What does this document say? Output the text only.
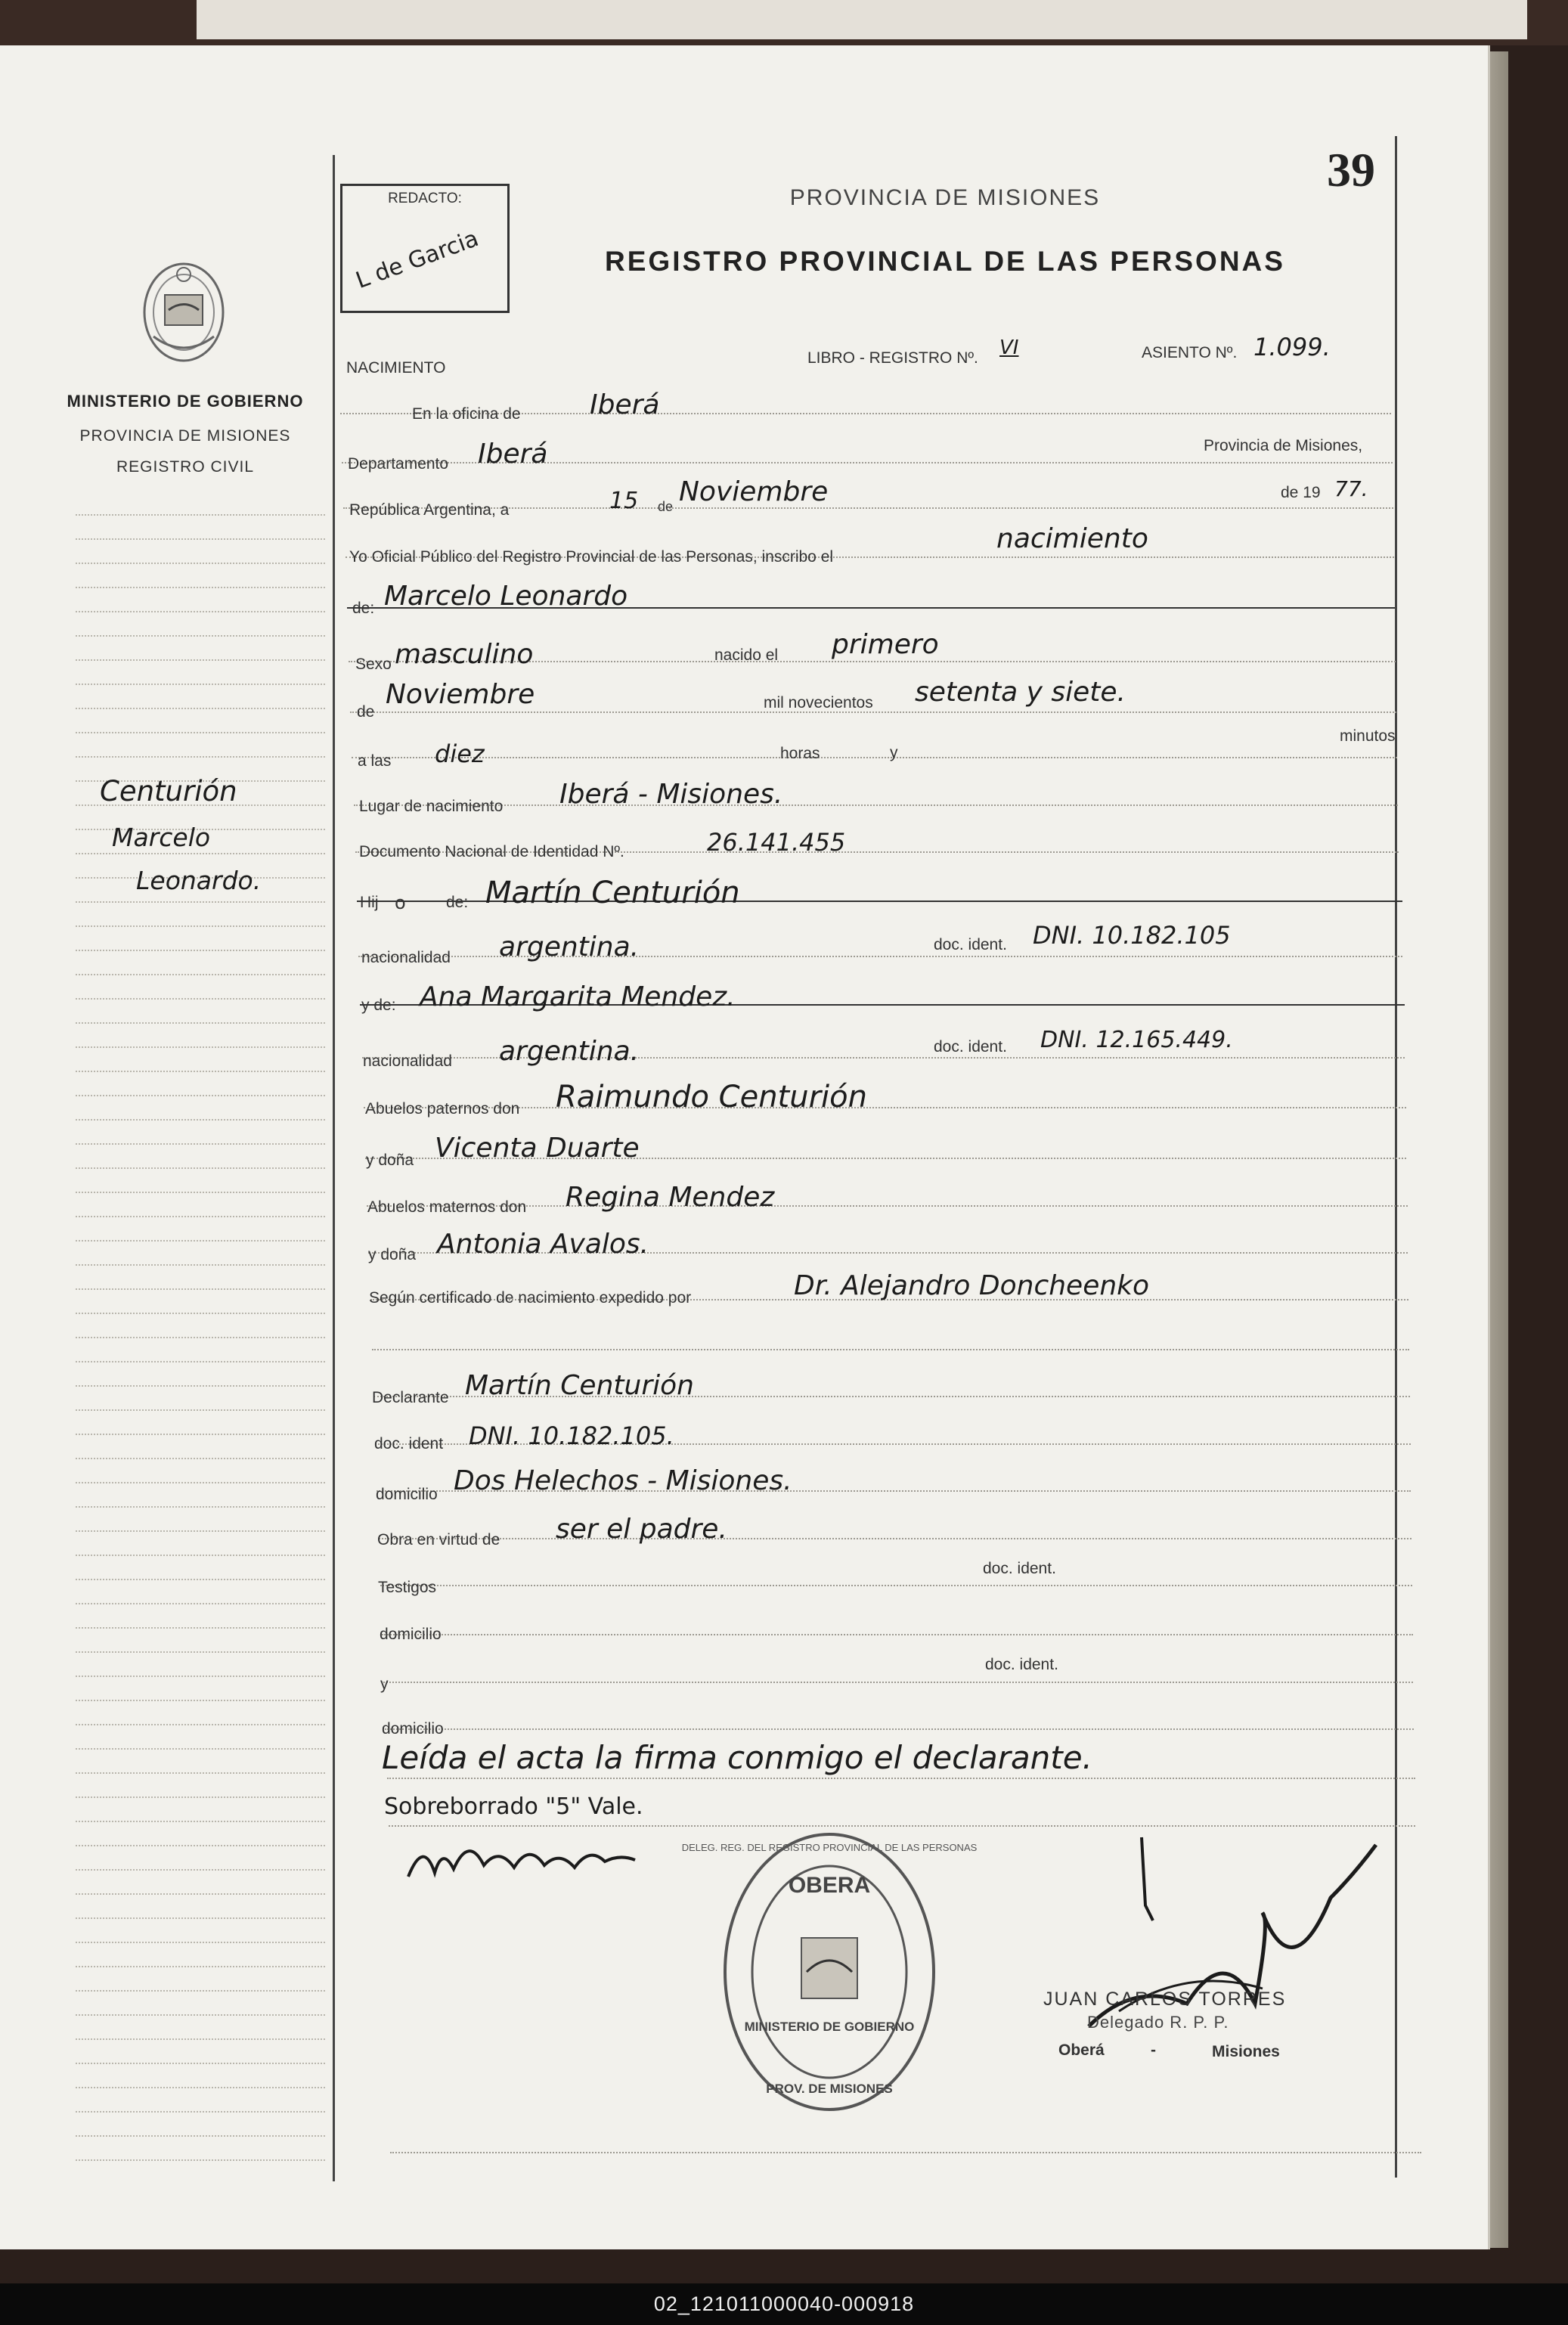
39
MINISTERIO DE GOBIERNO
PROVINCIA DE MISIONES
REGISTRO CIVIL
Centurión
Marcelo
Leonardo.
REDACTO:
L de Garcia
PROVINCIA DE MISIONES
REGISTRO PROVINCIAL DE LAS PERSONAS
NACIMIENTO
LIBRO - REGISTRO Nº. VI	ASIENTO Nº. 1.099.
En la oficina de	Iberá
Departamento Iberá	Provincia de Misiones,
República Argentina, a	15 de Noviembre	de 19 77.
Yo Oficial Público del Registro Provincial de las Personas, inscribo el
nacimiento
de: Marcelo Leonardo
Sexo masculino	nacido el primero
de
Noviembre	mil novecientos setenta y siete.
a las diez	horas	y
minutos
Lugar de nacimiento Iberá - Misiones.
Documento Nacional de Identidad Nº.	26.141.455
Hij o	de: Martín Centurión
nacionalidad argentina.	doc. ident. DNI. 10.182.105
y de: Ana Margarita Mendez.
nacionalidad argentina.	doc. ident. DNI. 12.165.449.
Abuelos paternos don Raimundo Centurión
y doña Vicenta Duarte
Abuelos maternos don Regina Mendez
y doña Antonia Avalos.
Según certificado de nacimiento expedido por	Dr. Alejandro Doncheenko
Declarante Martín Centurión
doc. ident DNI. 10.182.105.
domicilio Dos Helechos - Misiones.
Obra en virtud de ser el padre.
Testigos
doc. ident.
domicilio
y
doc. ident.
domicilio
Leída el acta la firma conmigo el declarante.
Sobreborrado "5" Vale.
OBERA
MINISTERIO DE GOBIERNO
PROV. DE MISIONES
DELEG. REG. DEL REGISTRO PROVINCIAL DE LAS PERSONAS
JUAN CARLOS TORRES
Delegado R. P. P.
Oberá	-	Misiones
02_121011000040-000918
